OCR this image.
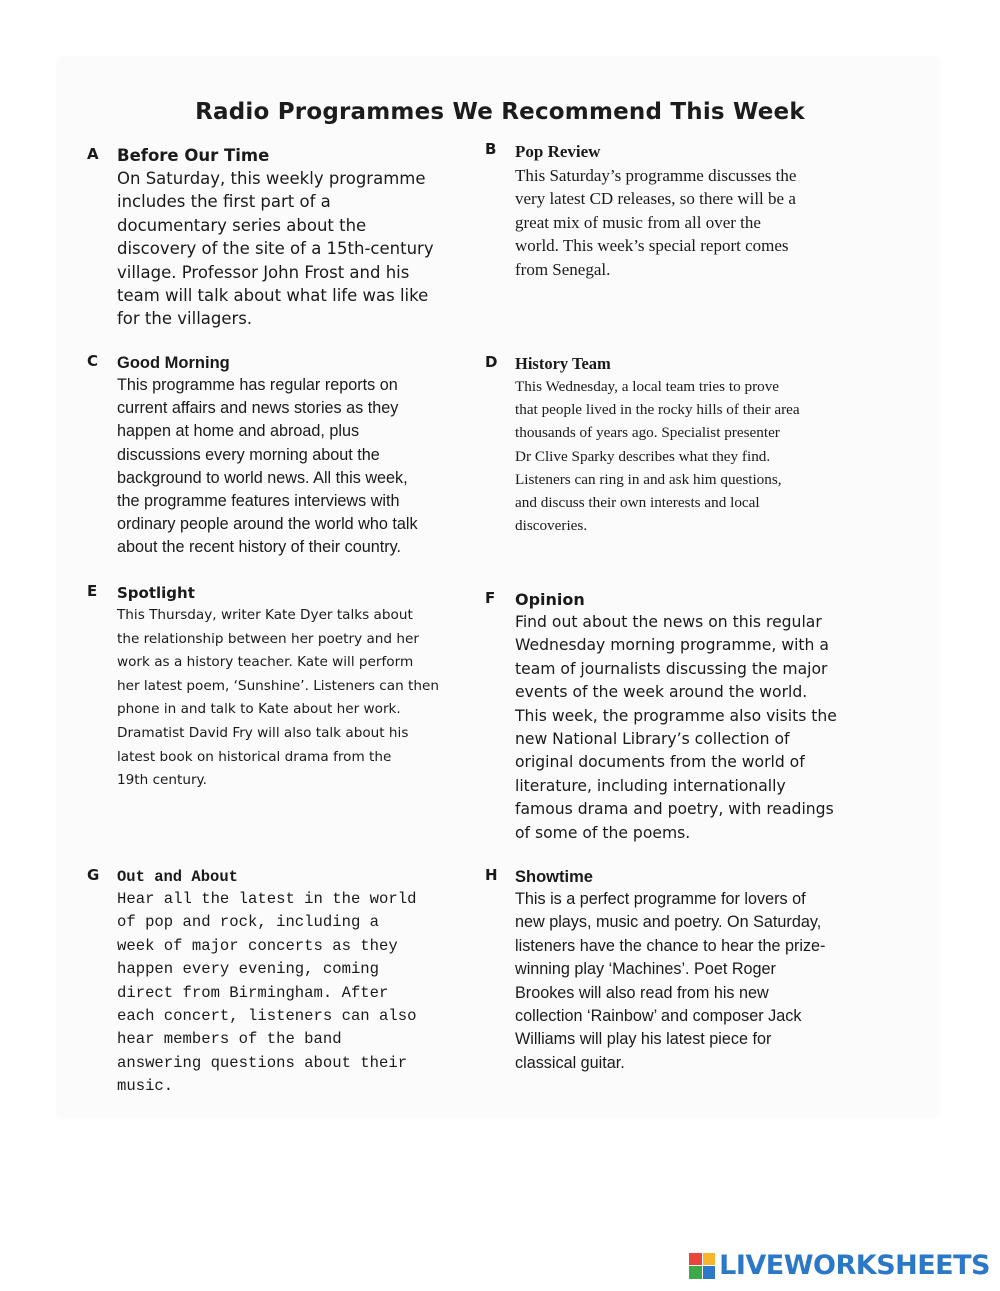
Radio Programmes We Recommend This Week
A Before Our Time

On Saturday, this weekly programme

includes the first part of a

documentary series about the

discovery of the site of a 15th-century

village. Professor John Frost and his

team will talk about what life was like

for the villagers.

B Pop Review

This Saturday’s programme discusses the

very latest CD releases, so there will be a

great mix of music from all over the

world. This week’s special report comes

from Senegal.

C Good Morning

This programme has regular reports on

current affairs and news stories as they

happen at home and abroad, plus

discussions every morning about the

background to world news. All this week,

the programme features interviews with

ordinary people around the world who talk

about the recent history of their country.

D History Team

This Wednesday, a local team tries to prove

that people lived in the rocky hills of their area

thousands of years ago. Specialist presenter

Dr Clive Sparky describes what they find.

Listeners can ring in and ask him questions,

and discuss their own interests and local

discoveries.

E Spotlight

This Thursday, writer Kate Dyer talks about

the relationship between her poetry and her

work as a history teacher. Kate will perform

her latest poem, ‘Sunshine’. Listeners can then

phone in and talk to Kate about her work.

Dramatist David Fry will also talk about his

latest book on historical drama from the

19th century.

F Opinion

Find out about the news on this regular

Wednesday morning programme, with a

team of journalists discussing the major

events of the week around the world.

This week, the programme also visits the

new National Library’s collection of

original documents from the world of

literature, including internationally

famous drama and poetry, with readings

of some of the poems.

G Out and About

Hear all the latest in the world

of pop and rock, including a

week of major concerts as they

happen every evening, coming

direct from Birmingham. After

each concert, listeners can also

hear members of the band

answering questions about their

music.

H Showtime

This is a perfect programme for lovers of

new plays, music and poetry. On Saturday,

listeners have the chance to hear the prize-

winning play ‘Machines’. Poet Roger

Brookes will also read from his new

collection ‘Rainbow’ and composer Jack

Williams will play his latest piece for

classical guitar.

LIVEWORKSHEETS
